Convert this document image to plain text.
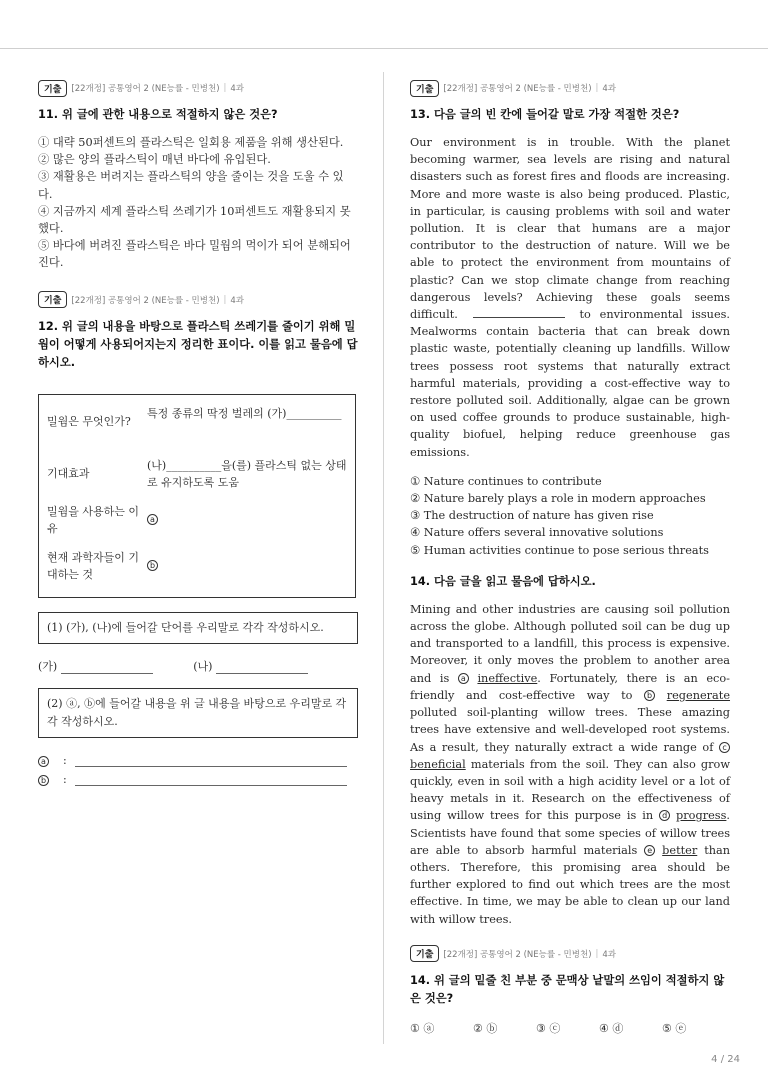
기출	[22개정] 공통영어 2 (NE능률 - 민병천) | 4과
11. 위 글에 관한 내용으로 적절하지 않은 것은?
① 대략 50퍼센트의 플라스틱은 일회용 제품을 위해 생산된다.
② 많은 양의 플라스틱이 매년 바다에 유입된다.
③ 재활용은 버려지는 플라스틱의 양을 줄이는 것을 도울 수 있다.
④ 지금까지 세계 플라스틱 쓰레기가 10퍼센트도 재활용되지 못했다.
⑤ 바다에 버려진 플라스틱은 바다 밀웜의 먹이가 되어 분해되어진다.
기출	[22개정] 공통영어 2 (NE능률 - 민병천) | 4과
12. 위 글의 내용을 바탕으로 플라스틱 쓰레기를 줄이기 위해 밀웜이 어떻게 사용되어지는지 정리한 표이다. 이를 읽고 물음에 답하시오.
밀웜은 무엇인가?	특정 종류의 딱정 벌레의 (가)__________
기대효과	(나)__________을(를) 플라스틱 없는 상태로 유지하도록 도움
밀웜을 사용하는 이유	a
현재 과학자들이 기대하는 것	b
(1) (가), (나)에 들어갈 단어를 우리말로 각각 작성하시오.
(가)	(나)
(2) ⓐ, ⓑ에 들어갈 내용을 위 글 내용을 바탕으로 우리말로 각각 작성하시오.
a :
b :
기출	[22개정] 공통영어 2 (NE능률 - 민병천) | 4과
13. 다음 글의 빈 칸에 들어갈 말로 가장 적절한 것은?
Our environment is in trouble. With the planet becoming warmer, sea levels are rising and natural disasters such as forest fires and floods are increasing. More and more waste is also being produced. Plastic, in particular, is causing problems with soil and water pollution. It is clear that humans are a major contributor to the destruction of nature. Will we be able to protect the environment from mountains of plastic? Can we stop climate change from reaching dangerous levels? Achieving these goals seems difficult.	to environmental issues. Mealworms contain bacteria that can break down plastic waste, potentially cleaning up landfills. Willow trees possess root systems that naturally extract harmful materials, providing a cost-effective way to restore polluted soil. Additionally, algae can be grown on used coffee grounds to produce sustainable, high-quality biofuel, helping reduce greenhouse gas emissions.
① Nature continues to contribute
② Nature barely plays a role in modern approaches
③ The destruction of nature has given rise
④ Nature offers several innovative solutions
⑤ Human activities continue to pose serious threats
14. 다음 글을 읽고 물음에 답하시오.
Mining and other industries are causing soil pollution across the globe. Although polluted soil can be dug up and transported to a landfill, this process is expensive. Moreover, it only moves the problem to another area and is a ineffective. Fortunately, there is an eco-friendly and cost-effective way to b regenerate polluted soil-planting willow trees. These amazing trees have extensive and well-developed root systems. As a result, they naturally extract a wide range of c beneficial materials from the soil. They can also grow quickly, even in soil with a high acidity level or a lot of heavy metals in it. Research on the effectiveness of using willow trees for this purpose is in d progress. Scientists have found that some species of willow trees are able to absorb harmful materials e better than others. Therefore, this promising area should be further explored to find out which trees are the most effective. In time, we may be able to clean up our land with willow trees.
기출	[22개정] 공통영어 2 (NE능률 - 민병천) | 4과
14. 위 글의 밑줄 친 부분 중 문맥상 낱말의 쓰임이 적절하지 않은 것은?
① ⓐ	② ⓑ	③ ⓒ	④ ⓓ	⑤ ⓔ
4 / 24
